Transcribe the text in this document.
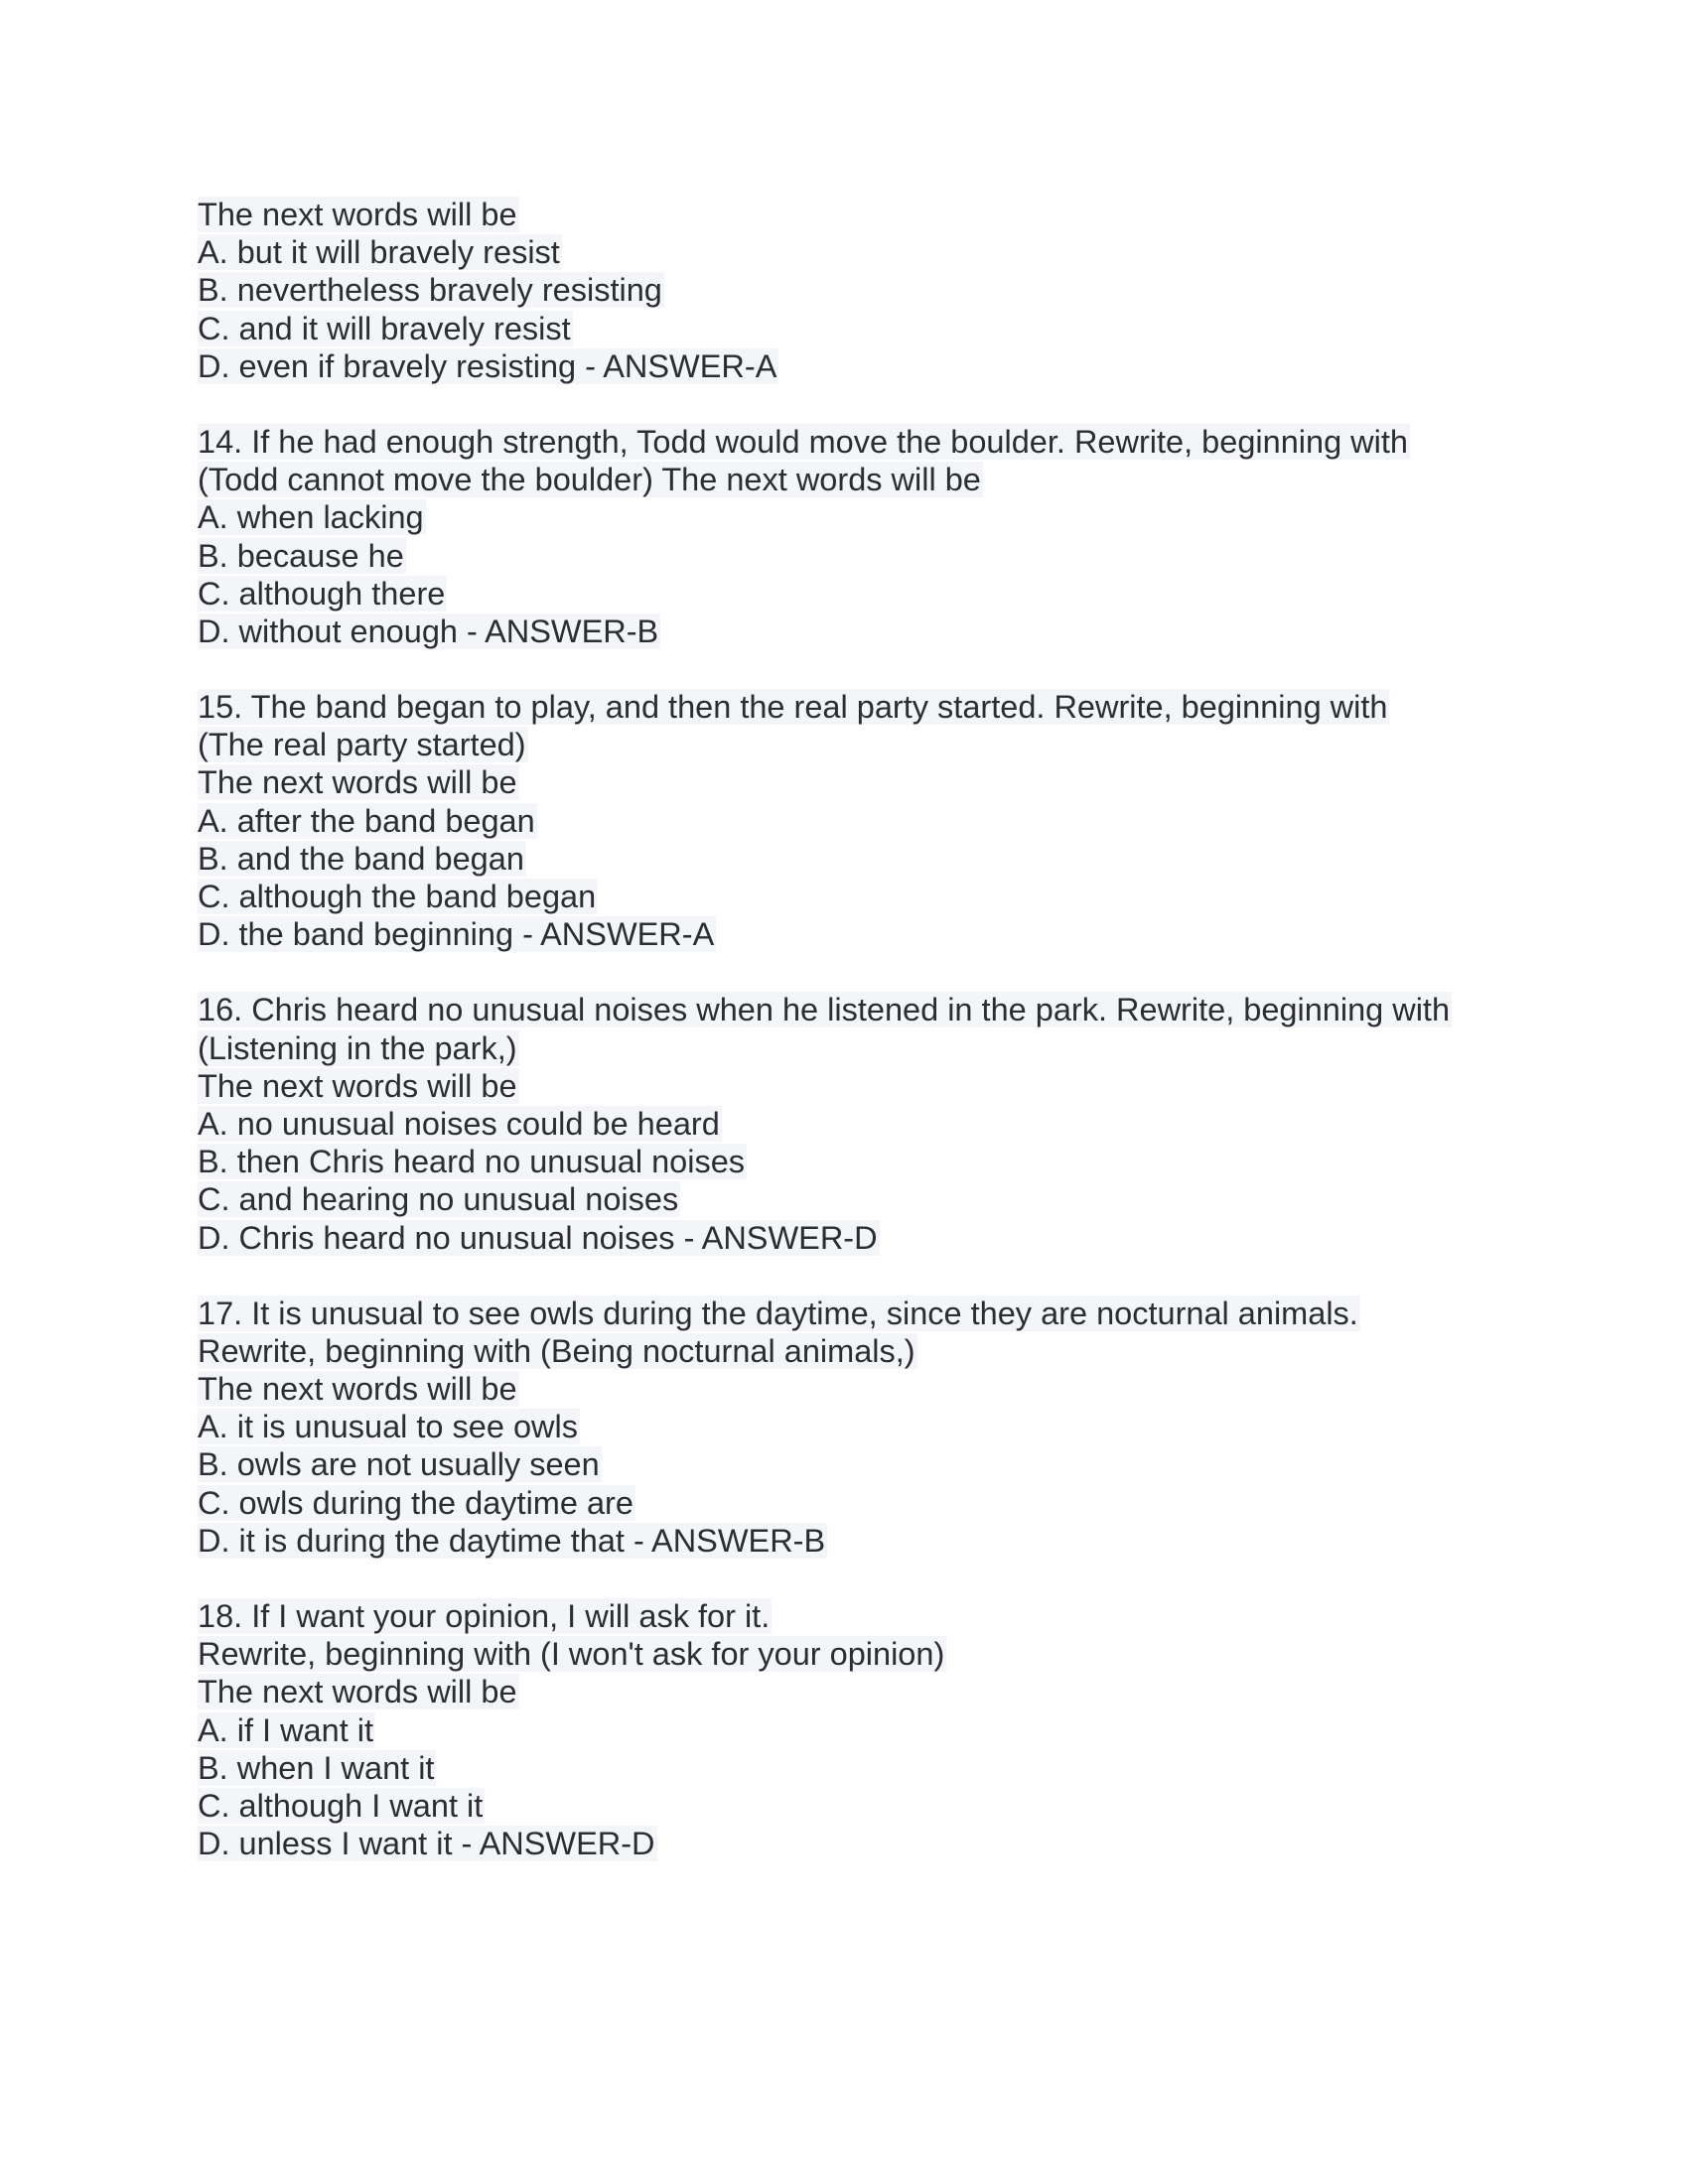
The next words will be
A. but it will bravely resist
B. nevertheless bravely resisting
C. and it will bravely resist
D. even if bravely resisting - ANSWER-A
14. If he had enough strength, Todd would move the boulder. Rewrite, beginning with
(Todd cannot move the boulder) The next words will be
A. when lacking
B. because he
C. although there
D. without enough - ANSWER-B
15. The band began to play, and then the real party started. Rewrite, beginning with
(The real party started)
The next words will be
A. after the band began
B. and the band began
C. although the band began
D. the band beginning - ANSWER-A
16. Chris heard no unusual noises when he listened in the park. Rewrite, beginning with
(Listening in the park,)
The next words will be
A. no unusual noises could be heard
B. then Chris heard no unusual noises
C. and hearing no unusual noises
D. Chris heard no unusual noises - ANSWER-D
17. It is unusual to see owls during the daytime, since they are nocturnal animals.
Rewrite, beginning with (Being nocturnal animals,)
The next words will be
A. it is unusual to see owls
B. owls are not usually seen
C. owls during the daytime are
D. it is during the daytime that - ANSWER-B
18. If I want your opinion, I will ask for it.
Rewrite, beginning with (I won't ask for your opinion)
The next words will be
A. if I want it
B. when I want it
C. although I want it
D. unless I want it - ANSWER-D
